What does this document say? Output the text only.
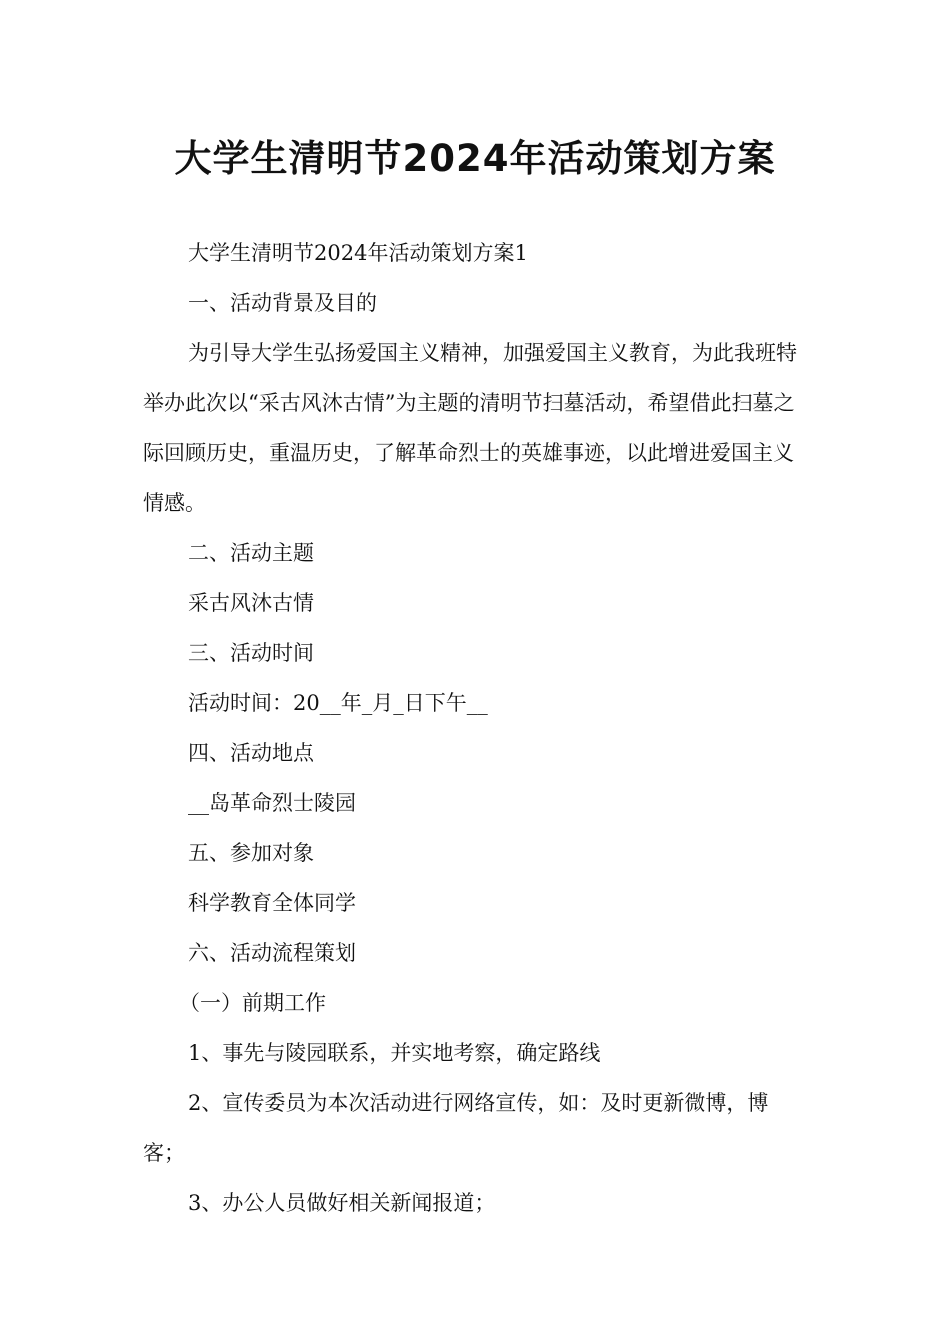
大学生清明节2024年活动策划方案

大学生清明节2024年活动策划方案1

一、活动背景及目的

为引导大学生弘扬爱国主义精神，加强爱国主义教育，为此我班特举办此次以“采古风沐古情”为主题的清明节扫墓活动，希望借此扫墓之际回顾历史，重温历史，了解革命烈士的英雄事迹，以此增进爱国主义情感。

二、活动主题

采古风沐古情

三、活动时间

活动时间：20__年_月_日下午__

四、活动地点

__岛革命烈士陵园

五、参加对象

科学教育全体同学

六、活动流程策划

（一）前期工作

1、事先与陵园联系，并实地考察，确定路线

2、宣传委员为本次活动进行网络宣传，如：及时更新微博，博客；

3、办公人员做好相关新闻报道；
